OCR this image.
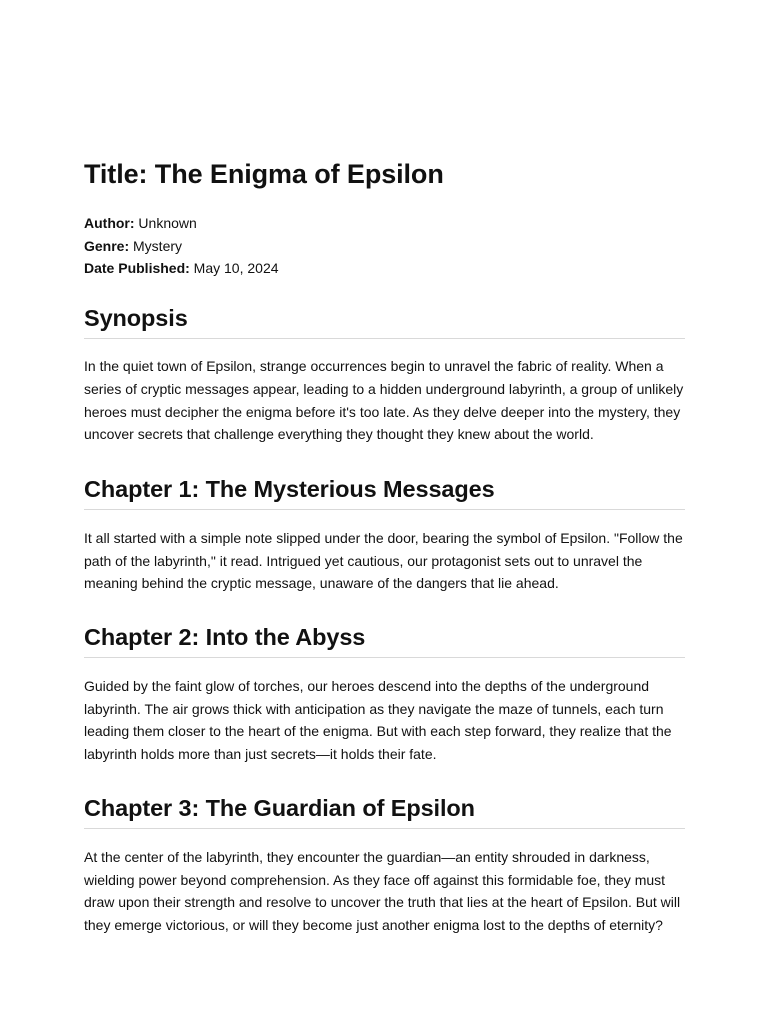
Title: The Enigma of Epsilon
Author: Unknown
Genre: Mystery
Date Published: May 10, 2024
Synopsis

In the quiet town of Epsilon, strange occurrences begin to unravel the fabric of reality. When a series of cryptic messages appear, leading to a hidden underground labyrinth, a group of unlikely heroes must decipher the enigma before it's too late. As they delve deeper into the mystery, they uncover secrets that challenge everything they thought they knew about the world.

Chapter 1: The Mysterious Messages

It all started with a simple note slipped under the door, bearing the symbol of Epsilon. "Follow the path of the labyrinth," it read. Intrigued yet cautious, our protagonist sets out to unravel the meaning behind the cryptic message, unaware of the dangers that lie ahead.

Chapter 2: Into the Abyss

Guided by the faint glow of torches, our heroes descend into the depths of the underground labyrinth. The air grows thick with anticipation as they navigate the maze of tunnels, each turn leading them closer to the heart of the enigma. But with each step forward, they realize that the labyrinth holds more than just secrets—it holds their fate.

Chapter 3: The Guardian of Epsilon

At the center of the labyrinth, they encounter the guardian—an entity shrouded in darkness, wielding power beyond comprehension. As they face off against this formidable foe, they must draw upon their strength and resolve to uncover the truth that lies at the heart of Epsilon. But will they emerge victorious, or will they become just another enigma lost to the depths of eternity?
